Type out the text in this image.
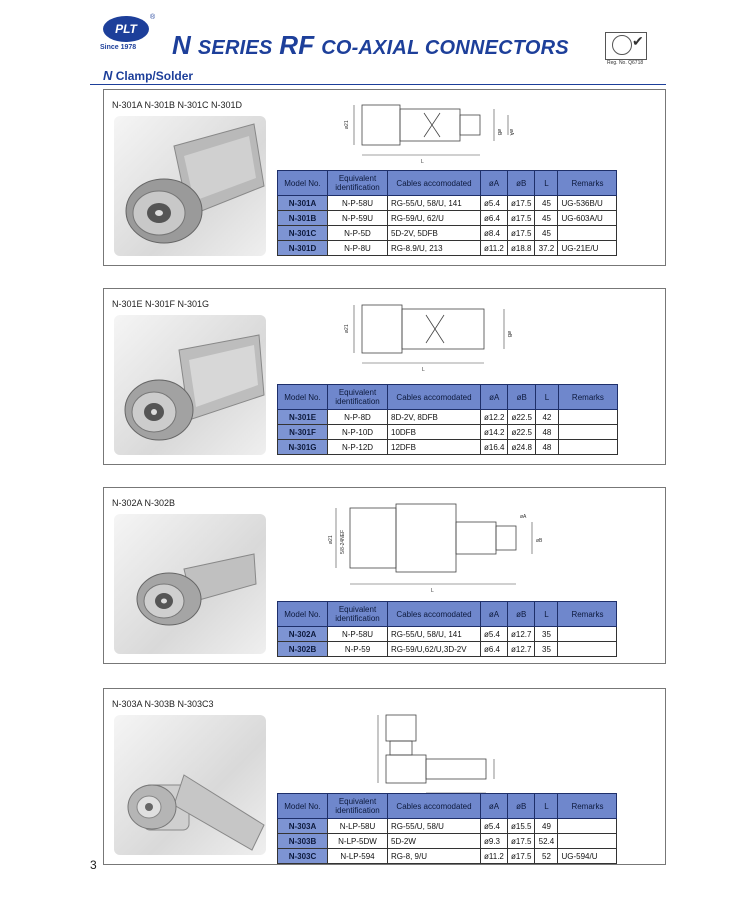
PLT
®
Since 1978 N SERIES RF CO-AXIAL CONNECTORS	✔
Reg. No. Q6718
N Clamp/Solder
N-301A N-301B N-301C N-301D
L
ø21
øB øA
Model No.	Equivalent identification	Cables accomodated	øA	øB	L	Remarks
N-301A	N-P-58U	RG-55/U, 58/U, 141	ø5.4	ø17.5	45	UG-536B/U
N-301B	N-P-59U	RG-59/U, 62/U	ø6.4	ø17.5	45	UG-603A/U
N-301C	N-P-5D	5D-2V, 5DFB	ø8.4	ø17.5	45	
N-301D	N-P-8U	RG-8.9/U, 213	ø11.2	ø18.8	37.2	UG-21E/U
N-301E N-301F N-301G
L
ø21
øB
Model No.	Equivalent identification	Cables accomodated	øA	øB	L	Remarks
N-301E	N-P-8D	8D-2V, 8DFB	ø12.2	ø22.5	42	
N-301F	N-P-10D	10DFB	ø14.2	ø22.5	48	
N-301G	N-P-12D	12DFB	ø16.4	ø24.8	48	
N-302A N-302B
L
ø21 5/8-24NEF
øA
øB
Model No.	Equivalent identification	Cables accomodated	øA	øB	L	Remarks
N-302A	N-P-58U	RG-55/U, 58/U, 141	ø5.4	ø12.7	35	
N-302B	N-P-59	RG-59/U,62/U,3D-2V	ø6.4	ø12.7	35	
N-303A N-303B N-303C3
Model No.	Equivalent identification	Cables accomodated	øA	øB	L	Remarks
N-303A	N-LP-58U	RG-55/U, 58/U	ø5.4	ø15.5	49	
N-303B	N-LP-5DW	5D-2W	ø9.3	ø17.5	52.4	
N-303C	N-LP-594	RG-8, 9/U	ø11.2	ø17.5	52	UG-594/U
3
